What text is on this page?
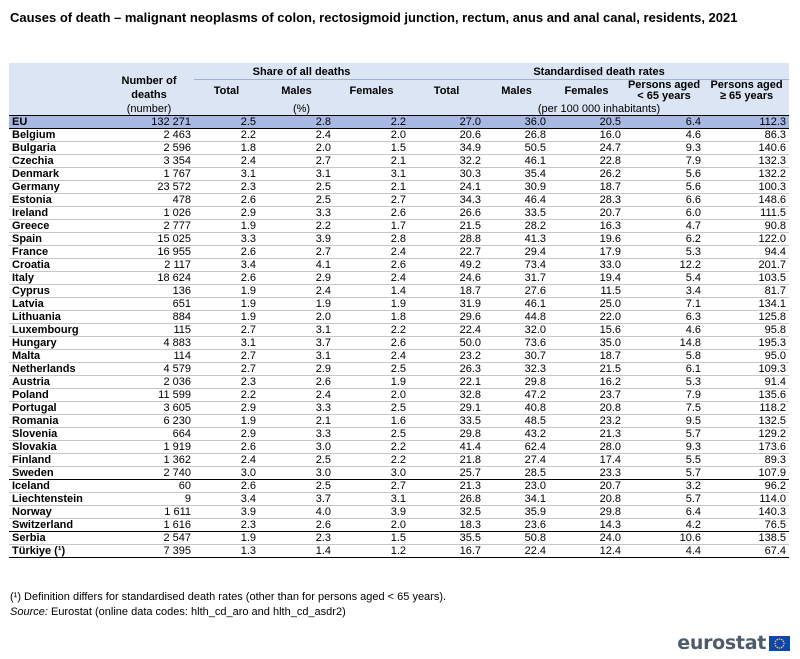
Causes of death – malignant neoplasms of colon, rectosigmoid junction, rectum, anus and anal canal, residents, 2021
	Number of deaths	Share of all deaths			Standardised death rates				
		Total	Males	Females	Total	Males	Females	Persons aged < 65 years	Persons aged ≥ 65 years
	(number)	(%)			(per 100 000 inhabitants)				
EU	132 271	2.5	2.8	2.2	27.0	36.0	20.5	6.4	112.3
Belgium	2 463	2.2	2.4	2.0	20.6	26.8	16.0	4.6	86.3
Bulgaria	2 596	1.8	2.0	1.5	34.9	50.5	24.7	9.3	140.6
Czechia	3 354	2.4	2.7	2.1	32.2	46.1	22.8	7.9	132.3
Denmark	1 767	3.1	3.1	3.1	30.3	35.4	26.2	5.6	132.2
Germany	23 572	2.3	2.5	2.1	24.1	30.9	18.7	5.6	100.3
Estonia	478	2.6	2.5	2.7	34.3	46.4	28.3	6.6	148.6
Ireland	1 026	2.9	3.3	2.6	26.6	33.5	20.7	6.0	111.5
Greece	2 777	1.9	2.2	1.7	21.5	28.2	16.3	4.7	90.8
Spain	15 025	3.3	3.9	2.8	28.8	41.3	19.6	6.2	122.0
France	16 955	2.6	2.7	2.4	22.7	29.4	17.9	5.3	94.4
Croatia	2 117	3.4	4.1	2.6	49.2	73.4	33.0	12.2	201.7
Italy	18 624	2.6	2.9	2.4	24.6	31.7	19.4	5.4	103.5
Cyprus	136	1.9	2.4	1.4	18.7	27.6	11.5	3.4	81.7
Latvia	651	1.9	1.9	1.9	31.9	46.1	25.0	7.1	134.1
Lithuania	884	1.9	2.0	1.8	29.6	44.8	22.0	6.3	125.8
Luxembourg	115	2.7	3.1	2.2	22.4	32.0	15.6	4.6	95.8
Hungary	4 883	3.1	3.7	2.6	50.0	73.6	35.0	14.8	195.3
Malta	114	2.7	3.1	2.4	23.2	30.7	18.7	5.8	95.0
Netherlands	4 579	2.7	2.9	2.5	26.3	32.3	21.5	6.1	109.3
Austria	2 036	2.3	2.6	1.9	22.1	29.8	16.2	5.3	91.4
Poland	11 599	2.2	2.4	2.0	32.8	47.2	23.7	7.9	135.6
Portugal	3 605	2.9	3.3	2.5	29.1	40.8	20.8	7.5	118.2
Romania	6 230	1.9	2.1	1.6	33.5	48.5	23.2	9.5	132.5
Slovenia	664	2.9	3.3	2.5	29.8	43.2	21.3	5.7	129.2
Slovakia	1 919	2.6	3.0	2.2	41.4	62.4	28.0	9.3	173.6
Finland	1 362	2.4	2.5	2.2	21.8	27.4	17.4	5.5	89.3
Sweden	2 740	3.0	3.0	3.0	25.7	28.5	23.3	5.7	107.9
Iceland	60	2.6	2.5	2.7	21.3	23.0	20.7	3.2	96.2
Liechtenstein	9	3.4	3.7	3.1	26.8	34.1	20.8	5.7	114.0
Norway	1 611	3.9	4.0	3.9	32.5	35.9	29.8	6.4	140.3
Switzerland	1 616	2.3	2.6	2.0	18.3	23.6	14.3	4.2	76.5
Serbia	2 547	1.9	2.3	1.5	35.5	50.8	24.0	10.6	138.5
Türkiye (¹)	7 395	1.3	1.4	1.2	16.7	22.4	12.4	4.4	67.4
(¹) Definition differs for standardised death rates (other than for persons aged < 65 years).
Source: Eurostat (online data codes: hlth_cd_aro and hlth_cd_asdr2)
eurostat
